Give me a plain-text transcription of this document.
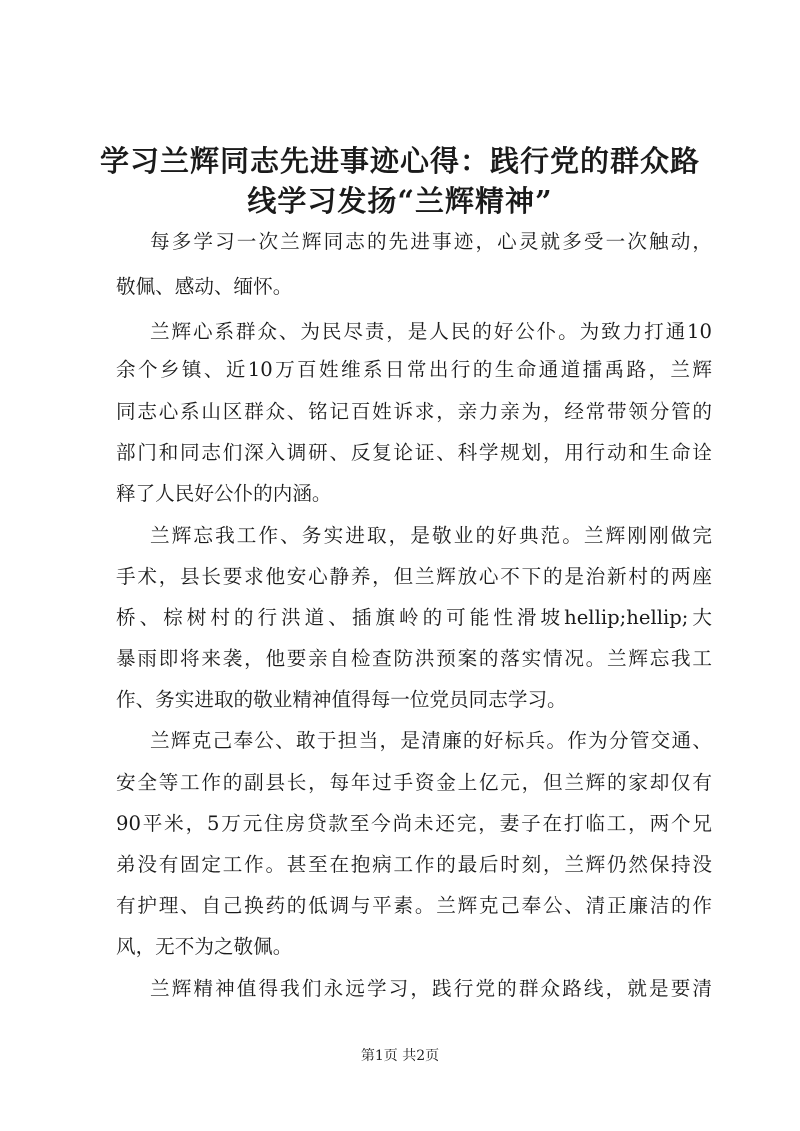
学习兰辉同志先进事迹心得：践行党的群众路
线学习发扬“兰辉精神”
每多学习一次兰辉同志的先进事迹，心灵就多受一次触动，
敬佩、感动、缅怀。
兰辉心系群众、为民尽责，是人民的好公仆。为致力打通10
余个乡镇、近10万百姓维系日常出行的生命通道擂禹路，兰辉
同志心系山区群众、铭记百姓诉求，亲力亲为，经常带领分管的
部门和同志们深入调研、反复论证、科学规划，用行动和生命诠
释了人民好公仆的内涵。
兰辉忘我工作、务实进取，是敬业的好典范。兰辉刚刚做完
手术，县长要求他安心静养，但兰辉放心不下的是治新村的两座
桥、棕树村的行洪道、插旗岭的可能性滑坡hellip;hellip;大
暴雨即将来袭，他要亲自检查防洪预案的落实情况。兰辉忘我工
作、务实进取的敬业精神值得每一位党员同志学习。
兰辉克己奉公、敢于担当，是清廉的好标兵。作为分管交通、
安全等工作的副县长，每年过手资金上亿元，但兰辉的家却仅有
90平米，5万元住房贷款至今尚未还完，妻子在打临工，两个兄
弟没有固定工作。甚至在抱病工作的最后时刻，兰辉仍然保持没
有护理、自己换药的低调与平素。兰辉克己奉公、清正廉洁的作
风，无不为之敬佩。
兰辉精神值得我们永远学习，践行党的群众路线，就是要清
第1页 共2页
